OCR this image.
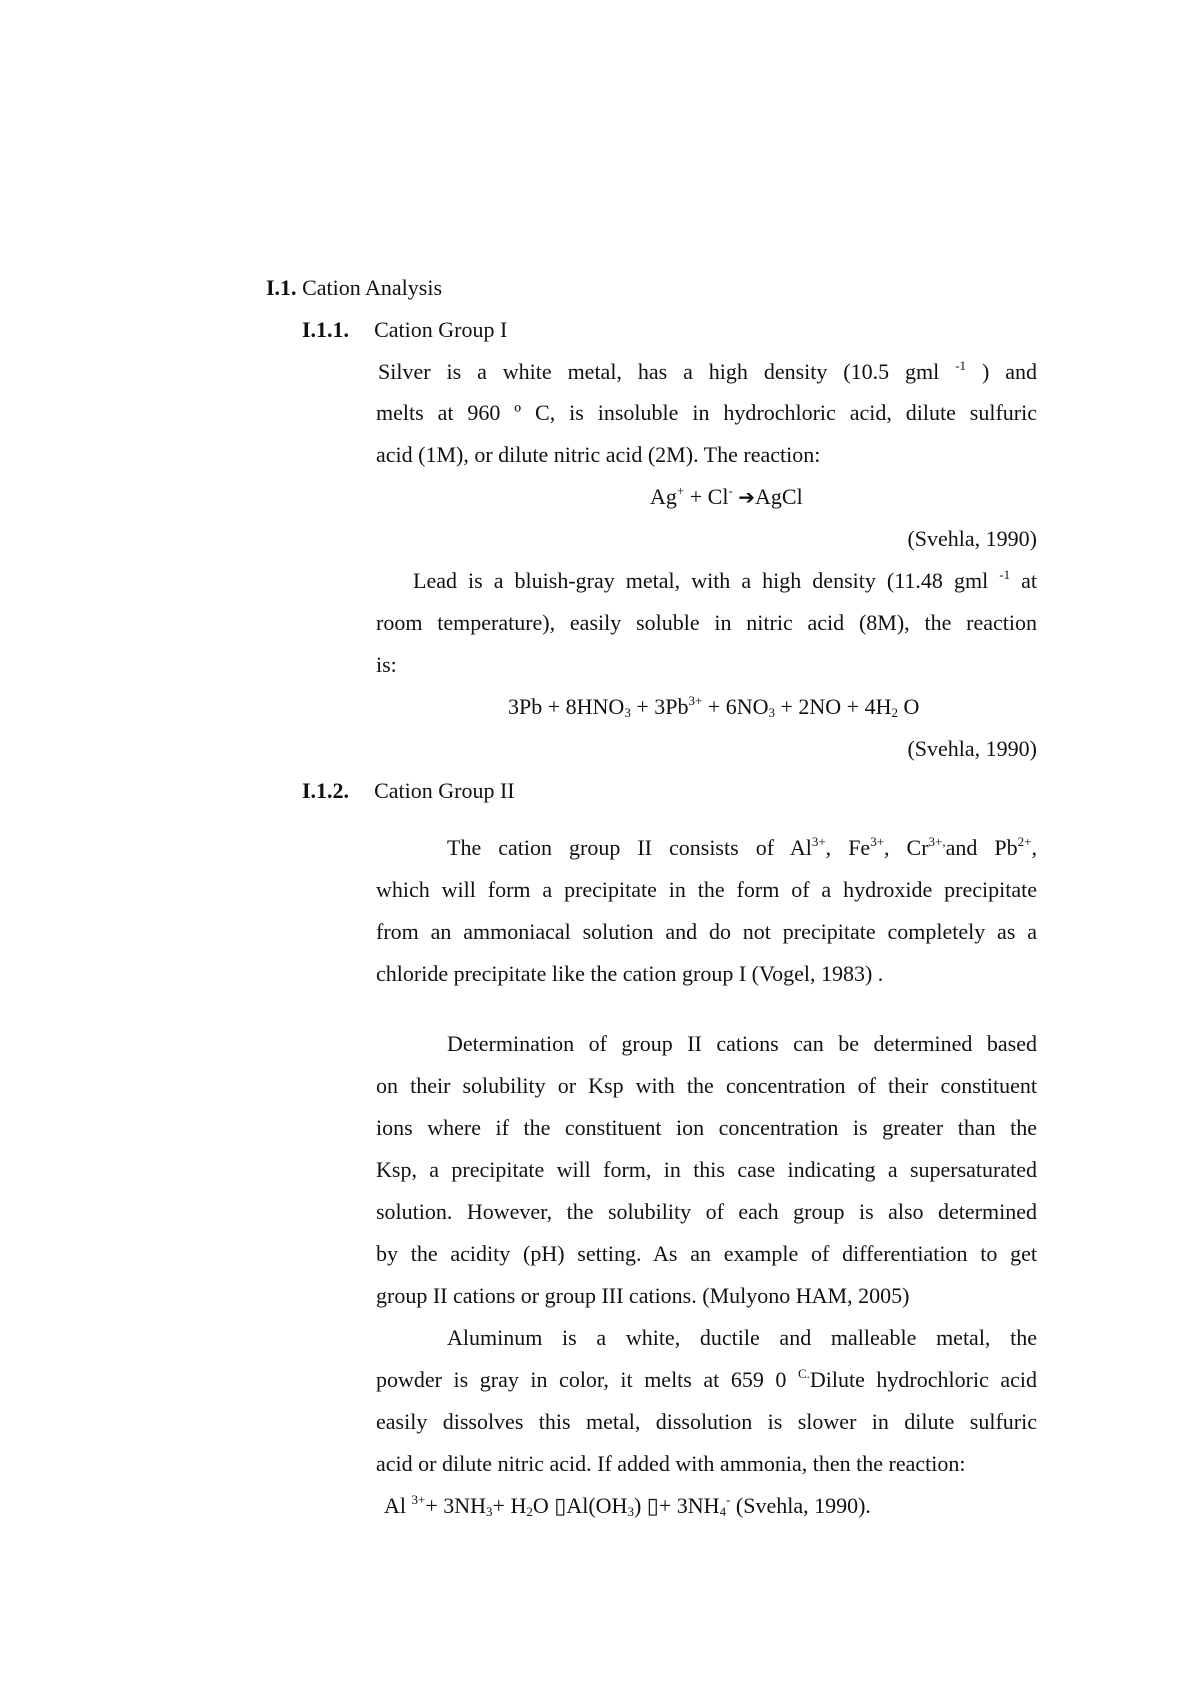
I.1. Cation Analysis
I.1.1. Cation Group I
Silver is a white metal, has a high density (10.5 gml $^{-1}$ ) and
melts at 960 º C, is insoluble in hydrochloric acid, dilute sulfuric
acid (1M), or dilute nitric acid (2M). The reaction:
Ag+ + Cl- ➔AgCl
(Svehla, 1990)
Lead is a bluish-gray metal, with a high density (11.48 gml $^{-1}$ at
room temperature), easily soluble in nitric acid (8M), the reaction
is:
$3Pb + 8HNO_3 + 3Pb^{3+} + 6NO_3 + 2NO + 4H_2$ O
(Svehla, 1990)
I.1.2. Cation Group II
The cation group II consists of $Al^{3+}$, $Fe^{3+}$, $Cr^{3+,}and$ $Pb^{2+}$,
which will form a precipitate in the form of a hydroxide precipitate
from an ammoniacal solution and do not precipitate completely as a
chloride precipitate like the cation group I (Vogel, 1983) .
Determination of group II cations can be determined based
on their solubility or Ksp with the concentration of their constituent
ions where if the constituent ion concentration is greater than the
Ksp, a precipitate will form, in this case indicating a supersaturated
solution. However, the solubility of each group is also determined
by the acidity (pH) setting. As an example of differentiation to get
group II cations or group III cations. (Mulyono HAM, 2005)
Aluminum is a white, ductile and malleable metal, the
powder is gray in color, it melts at 659 0 $^{C.}$Dilute hydrochloric acid
easily dissolves this metal, dissolution is slower in dilute sulfuric
acid or dilute nitric acid. If added with ammonia, then the reaction:
Al $^{3+}+ 3NH_3+ H_2O$ $▯Al(OH_3)$ ▯+ $3NH_4^-$ (Svehla, 1990).
